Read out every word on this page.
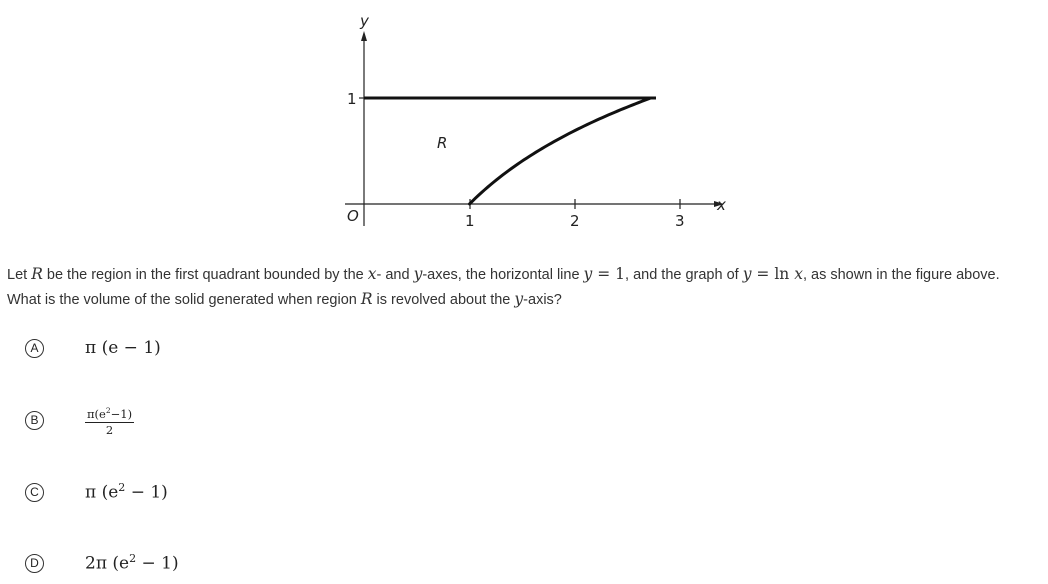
y
x
O
1
1	2	3
R

Let R be the region in the first quadrant bounded by the x- and y-axes, the horizontal line y = 1, and the graph of y = ln x, as shown in the figure above.

What is the volume of the solid generated when region R is revolved about the y-axis?

A	π (e − 1)
B	$\frac{\pi(e^2-1)}{2}$
C	π $(e^2 - 1)$
D	2π $(e^2 - 1)$
